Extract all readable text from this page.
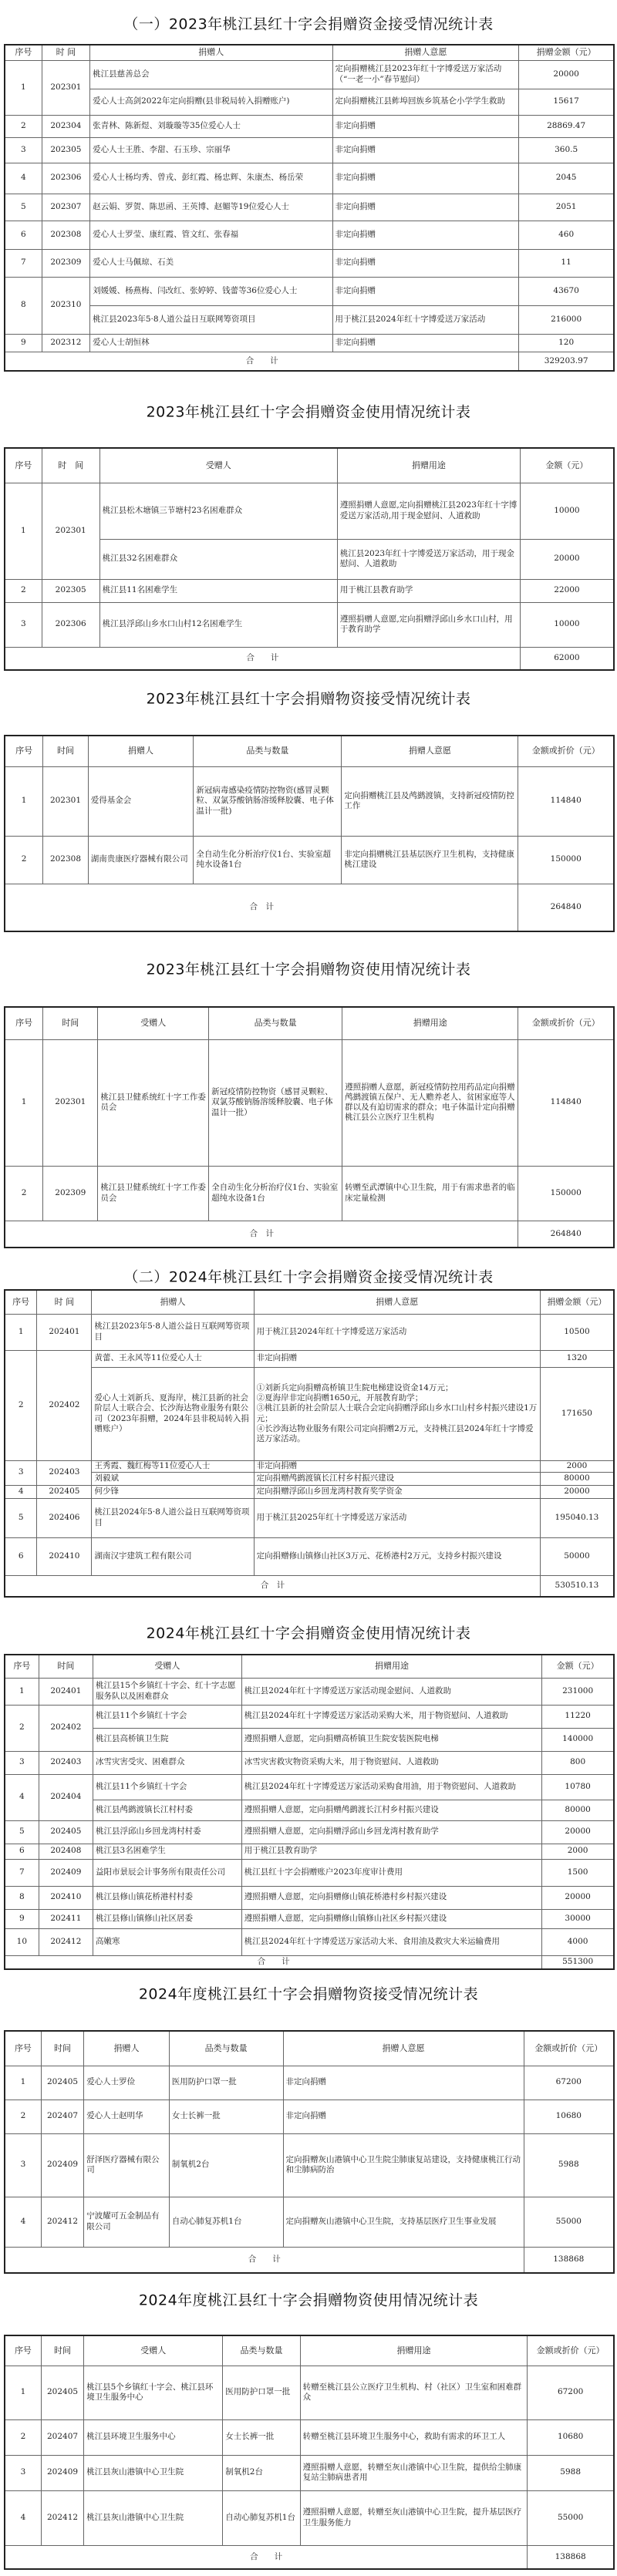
（一）2023年桃江县红十字会捐赠资金接受情况统计表
序号	时 间	捐赠人	捐赠人意愿	捐赠金额（元）
1	202301	桃江县慈善总会	定向捐赠桃江县2023年红十字博爱送万家活动（“一老一小”春节慰问）	20000
		爱心人士高剑2022年定向捐赠(县非税局转入捐赠账户)	定向捐赠桃江县鲊埠回族乡筑基仑小学学生救助	15617
2	202304	张青林、陈新煜、刘璇璇等35位爱心人士	非定向捐赠	28869.47
3	202305	爱心人士王胜、李甜、石玉珍、宗丽华	非定向捐赠	360.5
4	202306	爱心人士杨均秀、曾戎、彭红霞、杨忠辉、朱康杰、杨岳荣	非定向捐赠	2045
5	202307	赵云娟、罗贺、陈思函、王英博、赵媚等19位爱心人士	非定向捐赠	2051
6	202308	爱心人士罗莹、康红霞、管文红、张春福	非定向捐赠	460
7	202309	爱心人士马佩琼、石美	非定向捐赠	11
8	202310	刘媛媛、杨燕梅、闫改红、张婷婷、钱蕾等36位爱心人士	非定向捐赠	43670
		桃江县2023年5·8人道公益日互联网筹资项目	用于桃江县2024年红十字博爱送万家活动	216000
9	202312	爱心人士胡恒林	非定向捐赠	120
合　　计				329203.97
2023年桃江县红十字会捐赠资金使用情况统计表
序号	时　间	受赠人	捐赠用途	金额（元）
1	202301	桃江县松木塘镇三节塘村23名困难群众	遵照捐赠人意愿,定向捐赠桃江县2023年红十字博爱送万家活动,用于现金慰问、人道救助	10000
		桃江县32名困难群众	桃江县2023年红十字博爱送万家活动，用于现金慰问、人道救助	20000
2	202305	桃江县11名困难学生	用于桃江县教育助学	22000
3	202306	桃江县浮邱山乡水口山村12名困难学生	遵照捐赠人意愿,定向捐赠浮邱山乡水口山村，用于教育助学	10000
合　　计				62000
2023年桃江县红十字会捐赠物资接受情况统计表
序号	时间	捐赠人	品类与数量	捐赠人意愿	金额或折价（元）
1	202301	爱得基金会	新冠病毒感染疫情防控物资(感冒灵颗粒、双氯芬酸钠肠溶缓释胶囊、电子体温计一批)	定向捐赠桃江县及鸬鹚渡镇，支持新冠疫情防控工作	114840
2	202308	湖南贵康医疗器械有限公司	全自动生化分析治疗仪1台、实验室超纯水设备1台	非定向捐赠桃江县基层医疗卫生机构，支持健康桃江建设	150000
合　计					264840
2023年桃江县红十字会捐赠物资使用情况统计表
序号	时间	受赠人	品类与数量	捐赠用途	金额或折价（元）
1	202301	桃江县卫健系统红十字工作委员会	新冠疫情防控物资（感冒灵颗粒、双氯芬酸钠肠溶缓释胶囊、电子体温计一批）	遵照捐赠人意愿，新冠疫情防控用药品定向捐赠鸬鹚渡镇五保户、无人赡养老人、贫困家庭等人群以及有迫切需求的群众；电子体温计定向捐赠桃江县公立医疗卫生机构	114840
2	202309	桃江县卫健系统红十字工作委员会	全自动生化分析治疗仪1台、实验室超纯水设备1台	转赠至武潭镇中心卫生院，用于有需求患者的临床定量检测	150000
合　计					264840
（二）2024年桃江县红十字会捐赠资金接受情况统计表
序号	时 间	捐赠人	捐赠人意愿	捐赠金额（元）
1	202401	桃江县2023年5·8人道公益日互联网筹资项目	用于桃江县2024年红十字博爱送万家活动	10500
2	202402	黄蕾、王永风等11位爱心人士	非定向捐赠	1320
		爱心人士刘新兵、夏海岸，桃江县新的社会阶层人士联合会、长沙海达物业服务有限公司（2023年捐赠，2024年县非税局转入捐赠账户）	①刘新兵定向捐赠高桥镇卫生院电梯建设资金14万元；
②夏海岸非定向捐赠1650元，开展教育助学；
③桃江县新的社会阶层人士联合会定向捐赠浮邱山乡水口山村乡村振兴建设1万元；
④长沙海达物业服务有限公司定向捐赠2万元，支持桃江县2024年红十字博爱送万家活动。	171650
3	202403	王秀霞、魏红梅等11位爱心人士	非定向捐赠	2000
		刘毅斌	定向捐赠鸬鹚渡镇长江村乡村振兴建设	80000
4	202405	何少锋	定向捐赠浮邱山乡回龙湾村教育奖学资金	20000
5	202406	桃江县2024年5·8人道公益日互联网筹资项目	用于桃江县2025年红十字博爱送万家活动	195040.13
6	202410	湖南汉宇建筑工程有限公司	定向捐赠修山镇修山社区3万元、花桥港村2万元，支持乡村振兴建设	50000
合　计				530510.13
2024年桃江县红十字会捐赠资金使用情况统计表
序号	时间	受赠人	捐赠用途	金额（元）
1	202401	桃江县15个乡镇红十字会、红十字志愿服务队以及困难群众	桃江县2024年红十字博爱送万家活动现金慰问、人道救助	231000
2	202402	桃江县11个乡镇红十字会	桃江县2024年红十字博爱送万家活动采购大米，用于物资慰问、人道救助	11220
		桃江县高桥镇卫生院	遵照捐赠人意愿，定向捐赠高桥镇卫生院安装医院电梯	140000
3	202403	冰雪灾害受灾、困难群众	冰雪灾害救灾物资采购大米，用于物资慰问、人道救助	800
4	202404	桃江县11个乡镇红十字会	桃江县2024年红十字博爱送万家活动采购食用油，用于物资慰问、人道救助	10780
		桃江县鸬鹚渡镇长江村村委	遵照捐赠人意愿，定向捐赠鸬鹚渡长江村乡村振兴建设	80000
5	202405	桃江县浮邱山乡回龙湾村村委	遵照捐赠人意愿，定向捐赠浮邱山乡回龙湾村教育助学	20000
6	202408	桃江县3名困难学生	用于桃江县教育助学	2000
7	202409	益阳市景辰会计事务所有限责任公司	桃江县红十字会捐赠账户2023年度审计费用	1500
8	202410	桃江县修山镇花桥港村村委	遵照捐赠人意愿，定向捐赠修山镇花桥港村乡村振兴建设	20000
9	202411	桃江县修山镇修山社区居委	遵照捐赠人意愿，定向捐赠修山镇修山社区乡村振兴建设	30000
10	202412	高嫩寒	桃江县2024年红十字博爱送万家活动大米、食用油及救灾大米运输费用	4000
合　　计				551300
2024年度桃江县红十字会捐赠物资接受情况统计表
序号	时间	捐赠人	品类与数量	捐赠人意愿	金额或折价（元）
1	202405	爱心人士罗俭	医用防护口罩一批	非定向捐赠	67200
2	202407	爱心人士赵明华	女士长裤一批	非定向捐赠	10680
3	202409	舒泽医疗器械有限公司	制氧机2台	定向捐赠灰山港镇中心卫生院尘肺康复站建设，支持健康桃江行动和尘肺病防治	5988
4	202412	宁波耀可五金制品有限公司	自动心肺复苏机1台	定向捐赠灰山港镇中心卫生院，支持基层医疗卫生事业发展	55000
合　　计					138868
2024年度桃江县红十字会捐赠物资使用情况统计表
序号	时间	受赠人	品类与数量	捐赠用途	金额或折价（元）
1	202405	桃江县5个乡镇红十字会、桃江县环境卫生服务中心	医用防护口罩一批	转赠至桃江县公立医疗卫生机构、村（社区）卫生室和困难群众	67200
2	202407	桃江县环境卫生服务中心	女士长裤一批	转赠至桃江县环境卫生服务中心，救助有需求的环卫工人	10680
3	202409	桃江县灰山港镇中心卫生院	制氧机2台	遵照捐赠人意愿，转赠至灰山港镇中心卫生院，提供给尘肺康复站尘肺病患者用	5988
4	202412	桃江县灰山港镇中心卫生院	自动心肺复苏机1台	遵照捐赠人意愿，转赠至灰山港镇中心卫生院，提升基层医疗卫生服务能力	55000
合　　计					138868
